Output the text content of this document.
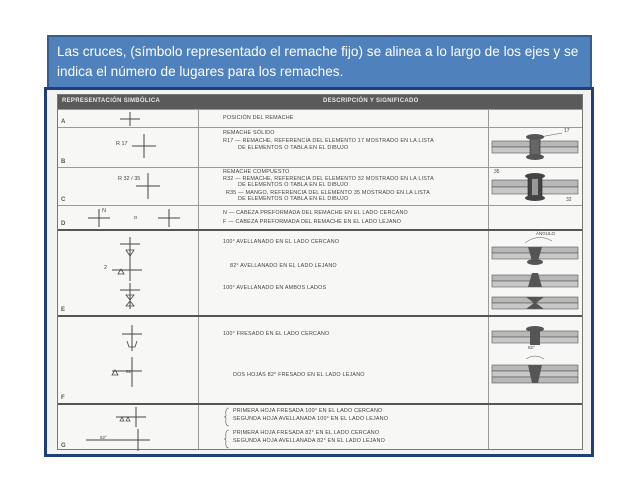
Las cruces, (símbolo representado el remache fijo) se alinea a lo largo de los ejes y se indica el número de lugares para los remaches.
REPRESENTACIÓN SIMBÓLICA	DESCRIPCIÓN Y SIGNIFICADO
A
POSICIÓN DEL REMACHE
B
R 17
REMACHE SÓLIDO
R17 — REMACHE, REFERENCIA DEL ELEMENTO 17 MOSTRADO EN LA LISTA
DE ELEMENTOS O TABLA EN EL DIBUJO
17
C
R 32 / 35
REMACHE COMPUESTO
R32 — REMACHE, REFERENCIA DEL ELEMENTO 32 MOSTRADO EN LA LISTA
DE ELEMENTOS O TABLA EN EL DIBUJO
R35 — MANGO, REFERENCIA DEL ELEMENTO 35 MOSTRADO EN LA LISTA
DE ELEMENTOS O TABLA EN EL DIBUJO
35
32
D
N
o
N — CABEZA PREFORMADA DEL REMACHE EN EL LADO CERCANO
F — CABEZA PREFORMADA DEL REMACHE EN EL LADO LEJANO
E
2
100° AVELLANADO EN EL LADO CERCANO
82° AVELLANADO EN EL LADO LEJANO
100° AVELLANADO EN AMBOS LADOS
ÁNGULO
F
82
100° FRESADO EN EL LADO CERCANO
DOS HOJAS 82° FRESADO EN EL LADO LEJANO
82°
G
82°
PRIMERA HOJA FRESADA 100° EN EL LADO CERCANO
SEGUNDA HOJA AVELLANADA 100° EN EL LADO LEJANO
PRIMERA HOJA FRESADA 82° EN EL LADO CERCANO
SEGUNDA HOJA AVELLANADA 82° EN EL LADO LEJANO
